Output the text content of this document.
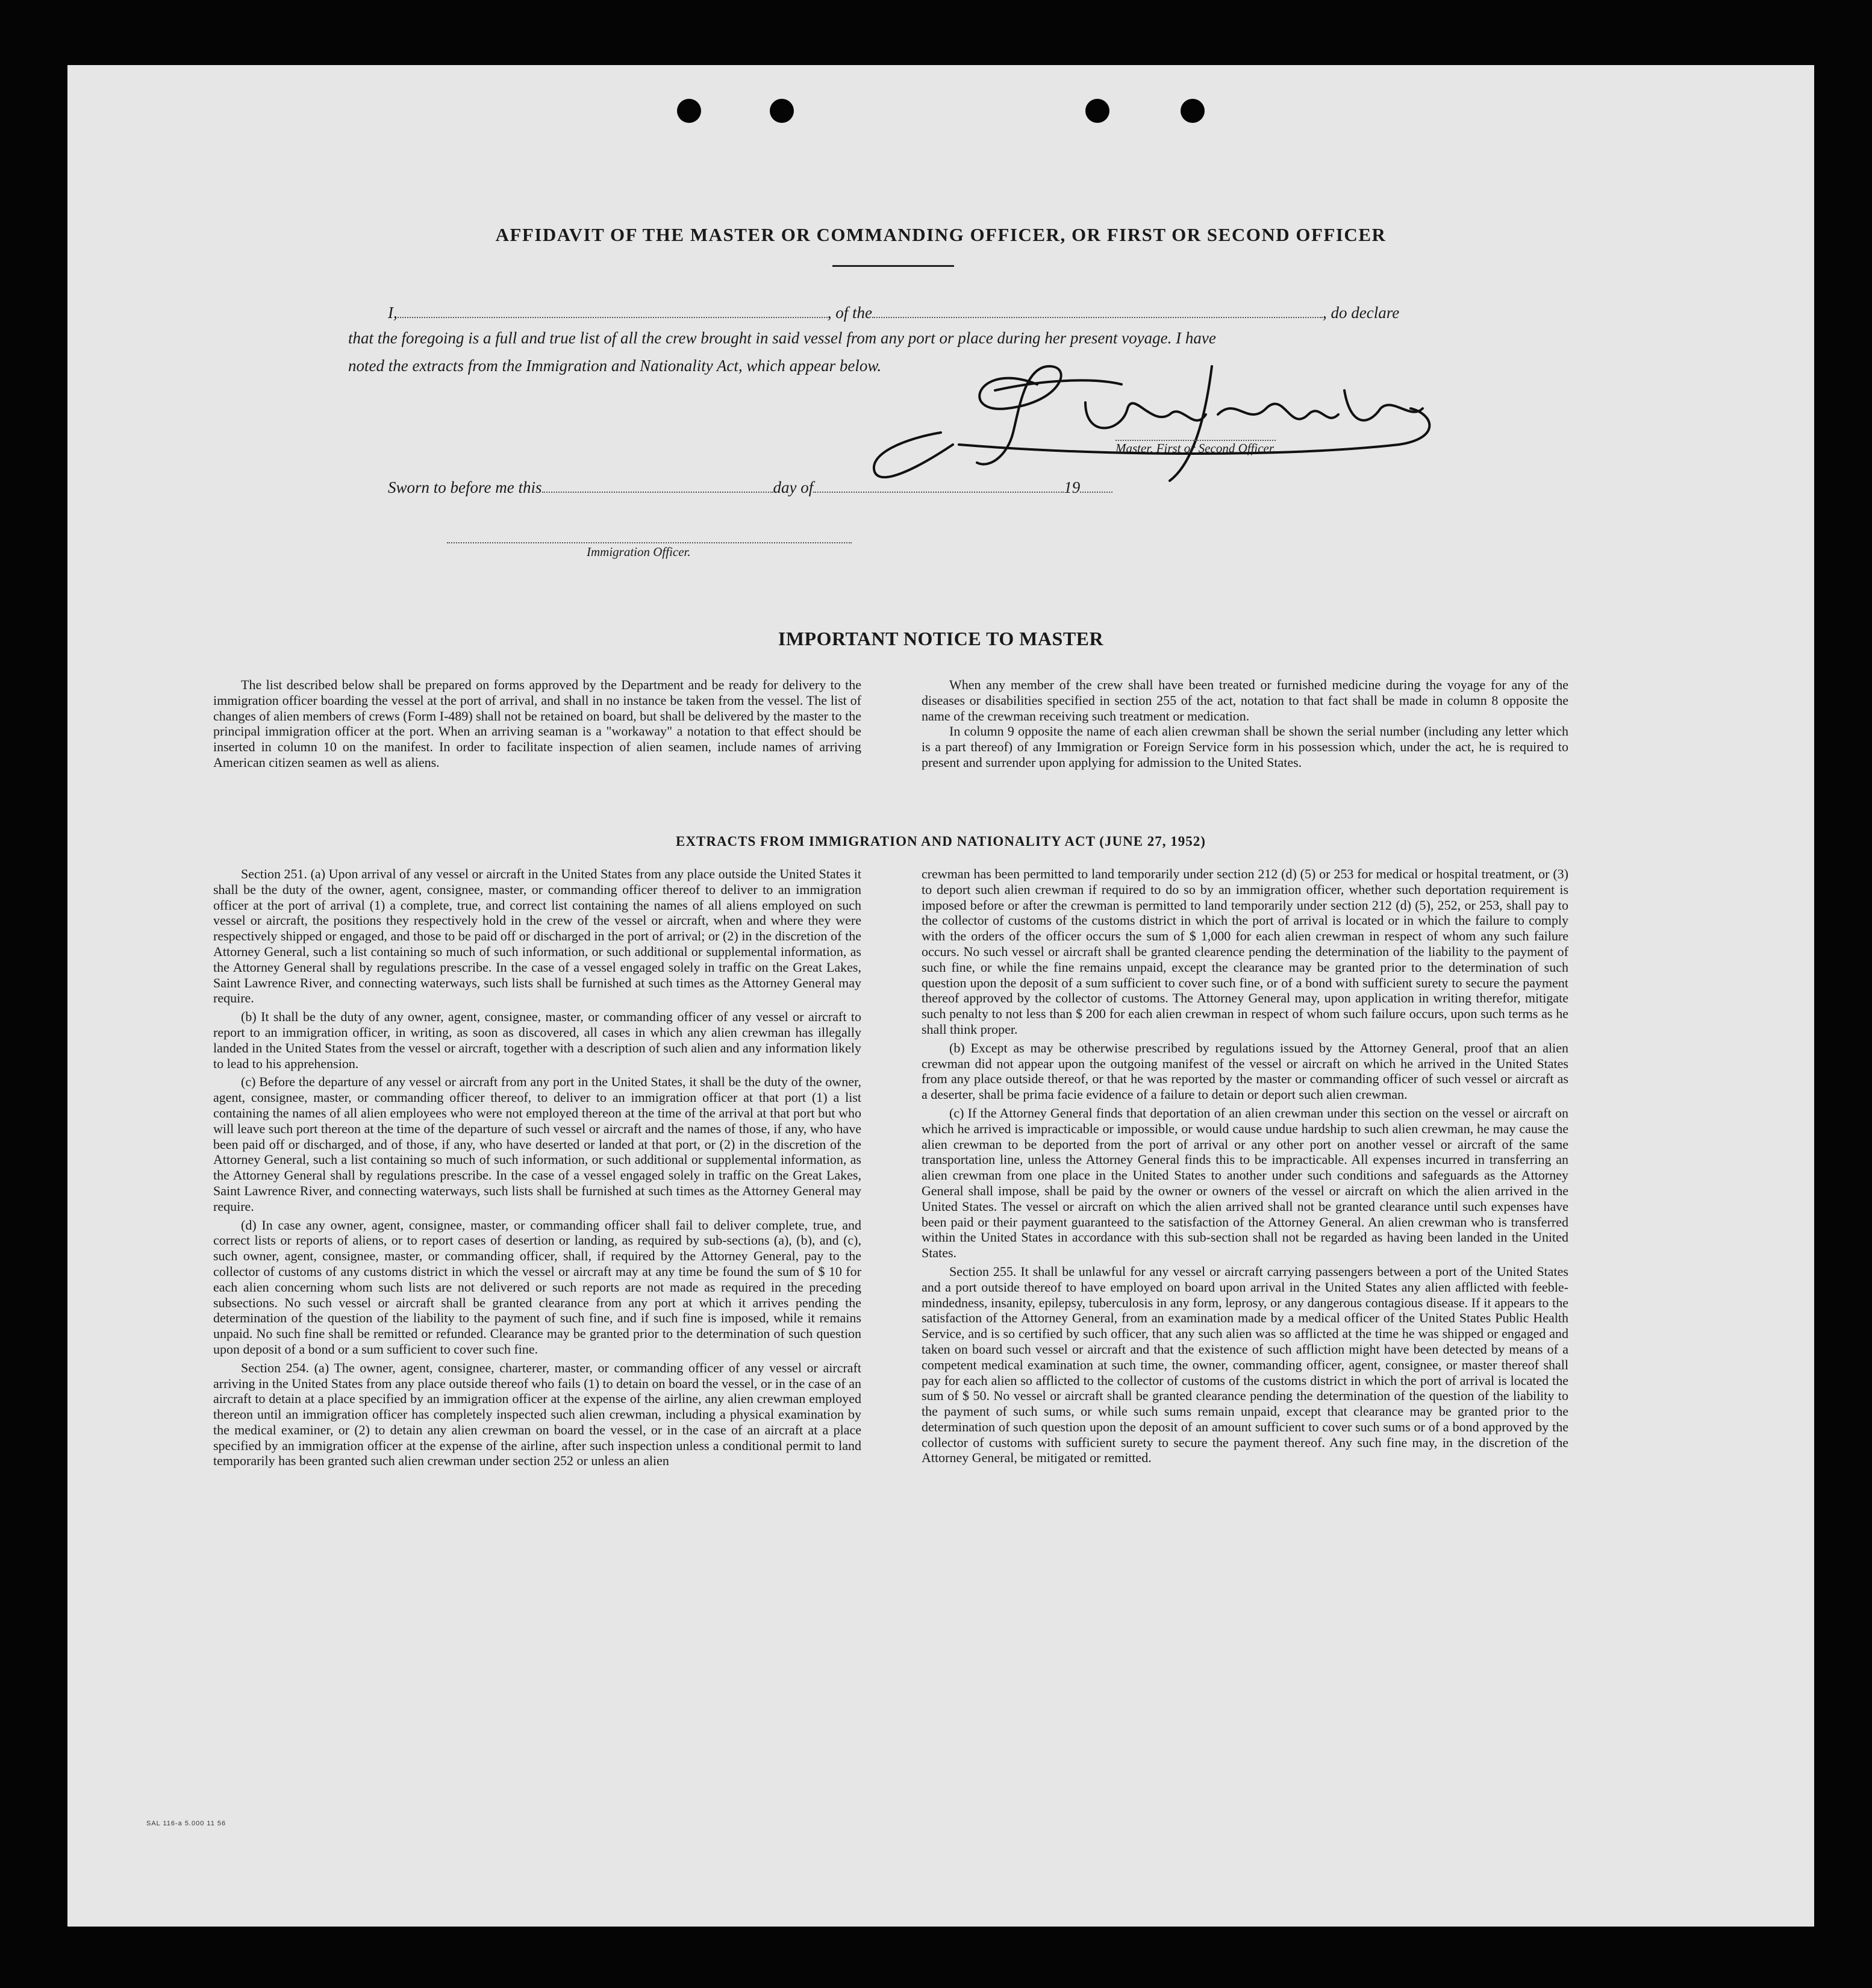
AFFIDAVIT OF THE MASTER OR COMMANDING OFFICER, OR FIRST OR SECOND OFFICER
I,	, of the	, do declare
that the foregoing is a full and true list of all the crew brought in said vessel from any port or place during her present voyage. I have
noted the extracts from the Immigration and Nationality Act, which appear below.
Master, First or Second Officer.
Sworn to before me this	day of	19
Immigration Officer.
IMPORTANT NOTICE TO MASTER

The list described below shall be prepared on forms approved by the Department and be ready for delivery to the immigration officer boarding the vessel at the port of arrival, and shall in no instance be taken from the vessel. The list of changes of alien members of crews (Form I-489) shall not be retained on board, but shall be delivered by the master to the principal immigration officer at the port. When an arriving seaman is a "workaway" a notation to that effect should be inserted in column 10 on the manifest. In order to facilitate inspection of alien seamen, include names of arriving American citizen seamen as well as aliens.

When any member of the crew shall have been treated or furnished medicine during the voyage for any of the diseases or disabilities specified in section 255 of the act, notation to that fact shall be made in column 8 opposite the name of the crewman receiving such treatment or medication.

In column 9 opposite the name of each alien crewman shall be shown the serial number (including any letter which is a part thereof) of any Immigration or Foreign Service form in his possession which, under the act, he is required to present and surrender upon applying for admission to the United States.

EXTRACTS FROM IMMIGRATION AND NATIONALITY ACT (JUNE 27, 1952)

Section 251. (a) Upon arrival of any vessel or aircraft in the United States from any place outside the United States it shall be the duty of the owner, agent, consignee, master, or commanding officer thereof to deliver to an immigration officer at the port of arrival (1) a complete, true, and correct list containing the names of all aliens employed on such vessel or aircraft, the positions they respectively hold in the crew of the vessel or aircraft, when and where they were respectively shipped or engaged, and those to be paid off or discharged in the port of arrival; or (2) in the discretion of the Attorney General, such a list containing so much of such information, or such additional or supplemental information, as the Attorney General shall by regulations prescribe. In the case of a vessel engaged solely in traffic on the Great Lakes, Saint Lawrence River, and connecting waterways, such lists shall be furnished at such times as the Attorney General may require.

(b) It shall be the duty of any owner, agent, consignee, master, or commanding officer of any vessel or aircraft to report to an immigration officer, in writing, as soon as discovered, all cases in which any alien crewman has illegally landed in the United States from the vessel or aircraft, together with a description of such alien and any information likely to lead to his apprehension.

(c) Before the departure of any vessel or aircraft from any port in the United States, it shall be the duty of the owner, agent, consignee, master, or commanding officer thereof, to deliver to an immigration officer at that port (1) a list containing the names of all alien employees who were not employed thereon at the time of the arrival at that port but who will leave such port thereon at the time of the departure of such vessel or aircraft and the names of those, if any, who have been paid off or discharged, and of those, if any, who have deserted or landed at that port, or (2) in the discretion of the Attorney General, such a list containing so much of such information, or such additional or supplemental information, as the Attorney General shall by regulations prescribe. In the case of a vessel engaged solely in traffic on the Great Lakes, Saint Lawrence River, and connecting waterways, such lists shall be furnished at such times as the Attorney General may require.

(d) In case any owner, agent, consignee, master, or commanding officer shall fail to deliver complete, true, and correct lists or reports of aliens, or to report cases of desertion or landing, as required by sub-sections (a), (b), and (c), such owner, agent, consignee, master, or commanding officer, shall, if required by the Attorney General, pay to the collector of customs of any customs district in which the vessel or aircraft may at any time be found the sum of $ 10 for each alien concerning whom such lists are not delivered or such reports are not made as required in the preceding subsections. No such vessel or aircraft shall be granted clearance from any port at which it arrives pending the determination of the question of the liability to the payment of such fine, and if such fine is imposed, while it remains unpaid. No such fine shall be remitted or refunded. Clearance may be granted prior to the determination of such question upon deposit of a bond or a sum sufficient to cover such fine.

Section 254. (a) The owner, agent, consignee, charterer, master, or commanding officer of any vessel or aircraft arriving in the United States from any place outside thereof who fails (1) to detain on board the vessel, or in the case of an aircraft to detain at a place specified by an immigration officer at the expense of the airline, any alien crewman employed thereon until an immigration officer has completely inspected such alien crewman, including a physical examination by the medical examiner, or (2) to detain any alien crewman on board the vessel, or in the case of an aircraft at a place specified by an immigration officer at the expense of the airline, after such inspection unless a conditional permit to land temporarily has been granted such alien crewman under section 252 or unless an alien

crewman has been permitted to land temporarily under section 212 (d) (5) or 253 for medical or hospital treatment, or (3) to deport such alien crewman if required to do so by an immigration officer, whether such deportation requirement is imposed before or after the crewman is permitted to land temporarily under section 212 (d) (5), 252, or 253, shall pay to the collector of customs of the customs district in which the port of arrival is located or in which the failure to comply with the orders of the officer occurs the sum of $ 1,000 for each alien crewman in respect of whom any such failure occurs. No such vessel or aircraft shall be granted clearence pending the determination of the liability to the payment of such fine, or while the fine remains unpaid, except the clearance may be granted prior to the determination of such question upon the deposit of a sum sufficient to cover such fine, or of a bond with sufficient surety to secure the payment thereof approved by the collector of customs. The Attorney General may, upon application in writing therefor, mitigate such penalty to not less than $ 200 for each alien crewman in respect of whom such failure occurs, upon such terms as he shall think proper.

(b) Except as may be otherwise prescribed by regulations issued by the Attorney General, proof that an alien crewman did not appear upon the outgoing manifest of the vessel or aircraft on which he arrived in the United States from any place outside thereof, or that he was reported by the master or commanding officer of such vessel or aircraft as a deserter, shall be prima facie evidence of a failure to detain or deport such alien crewman.

(c) If the Attorney General finds that deportation of an alien crewman under this section on the vessel or aircraft on which he arrived is impracticable or impossible, or would cause undue hardship to such alien crewman, he may cause the alien crewman to be deported from the port of arrival or any other port on another vessel or aircraft of the same transportation line, unless the Attorney General finds this to be impracticable. All expenses incurred in transferring an alien crewman from one place in the United States to another under such conditions and safeguards as the Attorney General shall impose, shall be paid by the owner or owners of the vessel or aircraft on which the alien arrived in the United States. The vessel or aircraft on which the alien arrived shall not be granted clearance until such expenses have been paid or their payment guaranteed to the satisfaction of the Attorney General. An alien crewman who is transferred within the United States in accordance with this sub-section shall not be regarded as having been landed in the United States.

Section 255. It shall be unlawful for any vessel or aircraft carrying passengers between a port of the United States and a port outside thereof to have employed on board upon arrival in the United States any alien afflicted with feeble-mindedness, insanity, epilepsy, tuberculosis in any form, leprosy, or any dangerous contagious disease. If it appears to the satisfaction of the Attorney General, from an examination made by a medical officer of the United States Public Health Service, and is so certified by such officer, that any such alien was so afflicted at the time he was shipped or engaged and taken on board such vessel or aircraft and that the existence of such affliction might have been detected by means of a competent medical examination at such time, the owner, commanding officer, agent, consignee, or master thereof shall pay for each alien so afflicted to the collector of customs of the customs district in which the port of arrival is located the sum of $ 50. No vessel or aircraft shall be granted clearance pending the determination of the question of the liability to the payment of such sums, or while such sums remain unpaid, except that clearance may be granted prior to the determination of such question upon the deposit of an amount sufficient to cover such sums or of a bond approved by the collector of customs with sufficient surety to secure the payment thereof. Any such fine may, in the discretion of the Attorney General, be mitigated or remitted.

SAL 116-a 5.000 11 56
